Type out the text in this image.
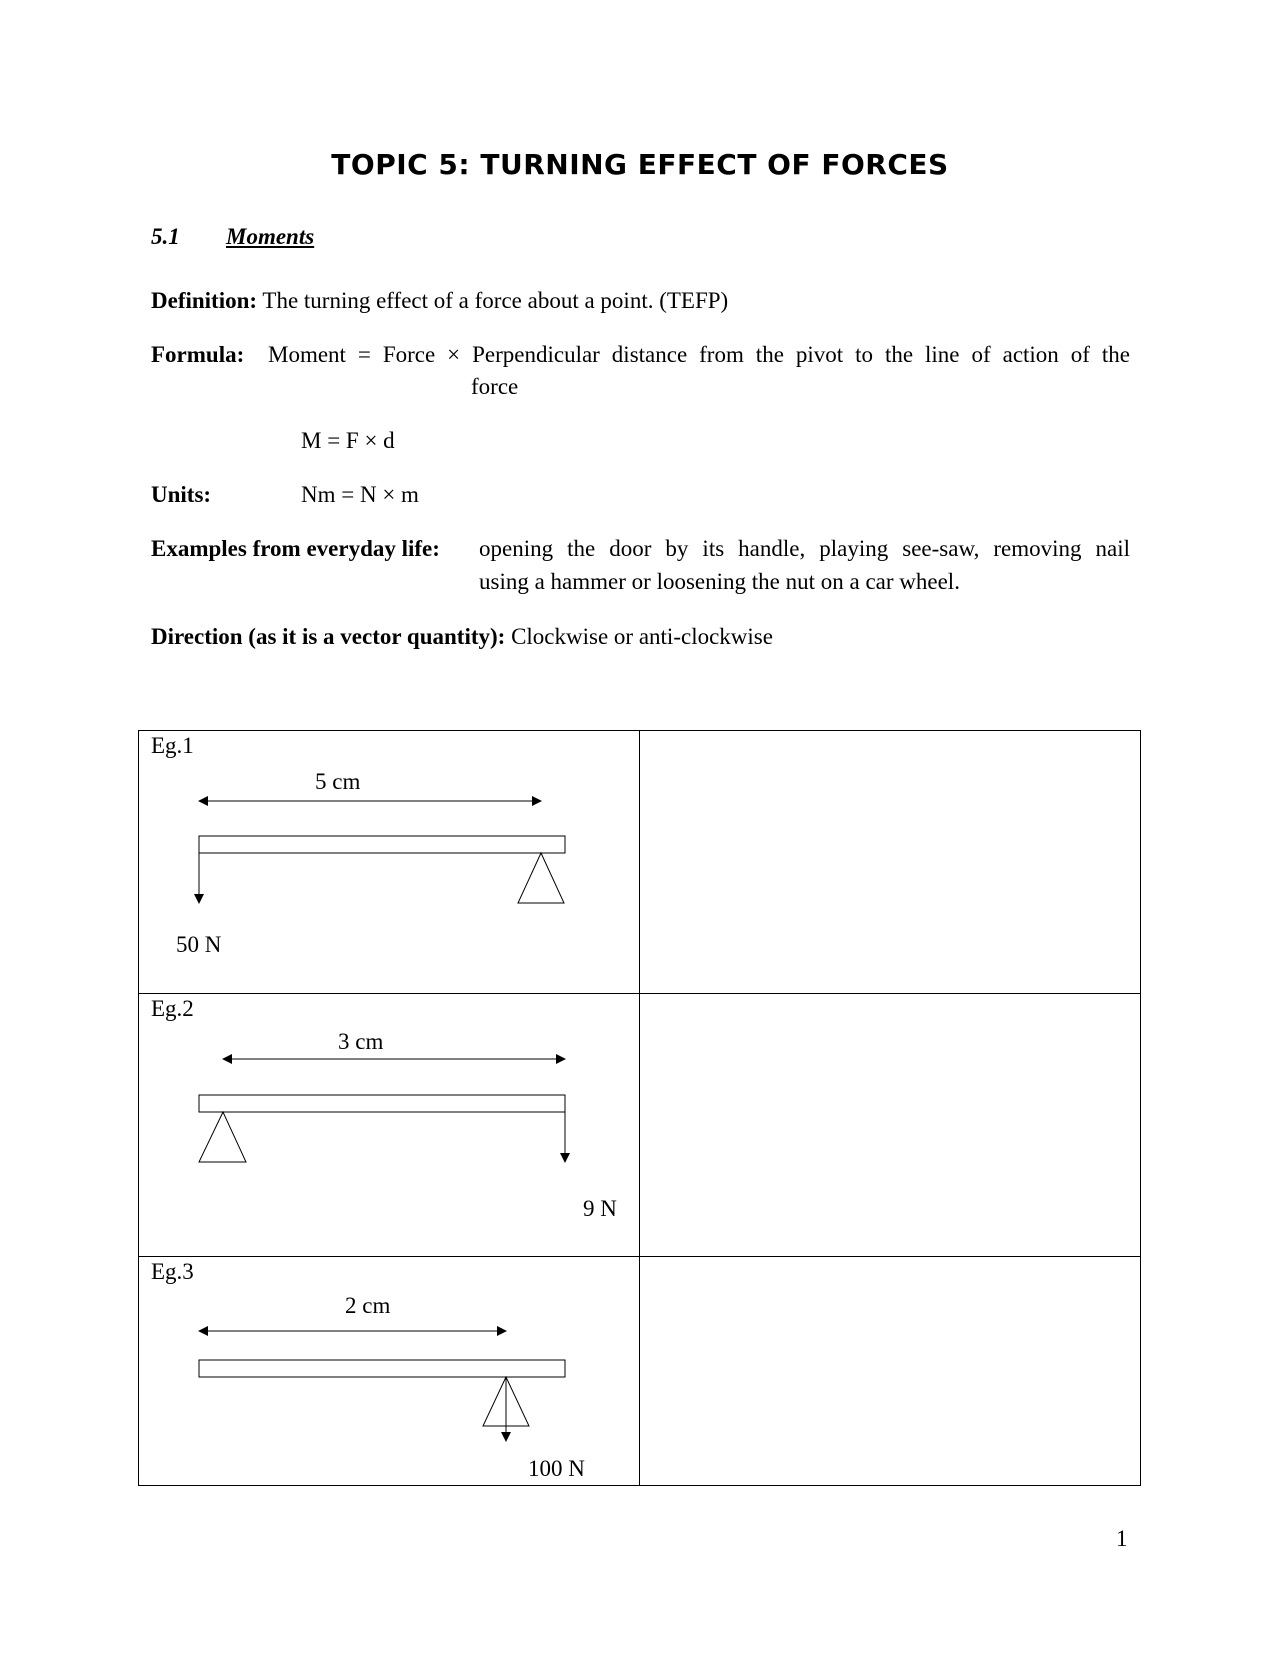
TOPIC 5: TURNING EFFECT OF FORCES
5.1 Moments
Definition: The turning effect of a force about a point. (TEFP)
Formula: Moment = Force × Perpendicular distance from the pivot to the line of action of the
force
M = F × d
Units:	Nm = N × m
Examples from everyday life: opening the door by its handle, playing see-saw, removing nail
using a hammer or loosening the nut on a car wheel.
Direction (as it is a vector quantity): Clockwise or anti-clockwise
Eg.1
5 cm
50 N	

Eg.2
3 cm
9 N	

Eg.3
2 cm
100 N	

1
